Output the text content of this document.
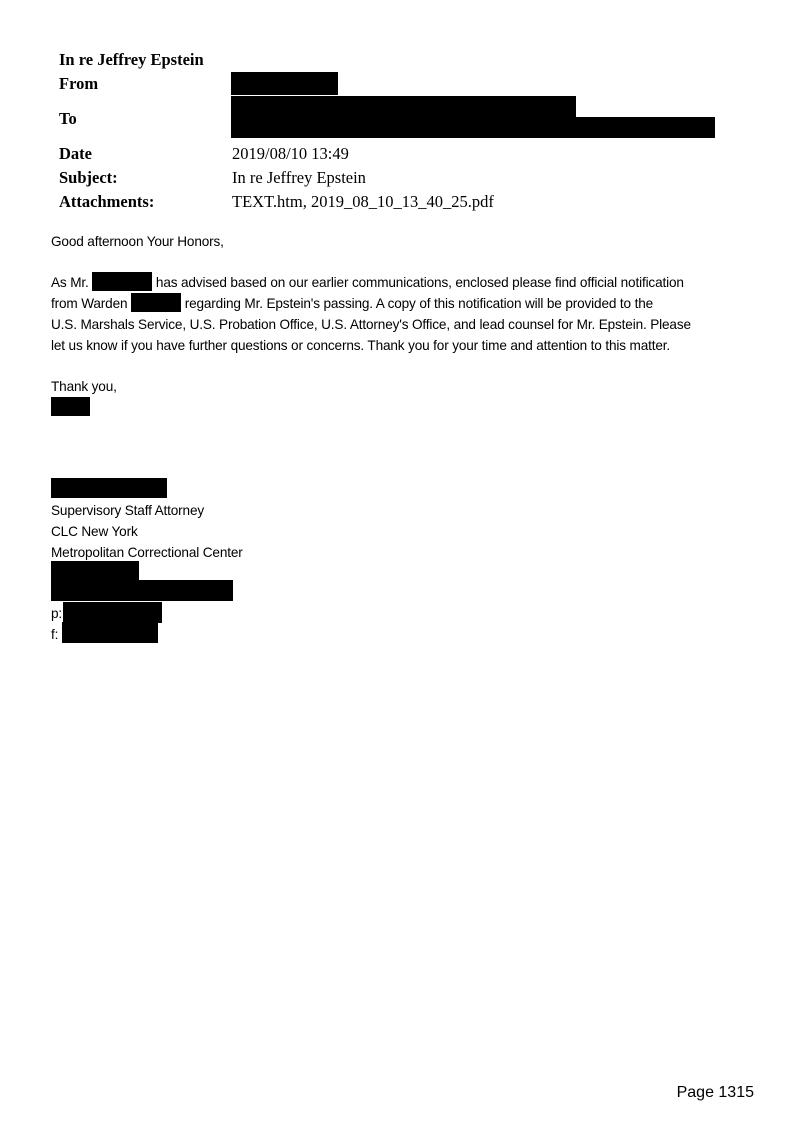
In re Jeffrey Epstein
From
To
Date	2019/08/10 13:49
Subject:	In re Jeffrey Epstein
Attachments:	TEXT.htm, 2019_08_10_13_40_25.pdf
Good afternoon Your Honors,
As Mr.	has advised based on our earlier communications, enclosed please find official notification
from Warden	regarding Mr. Epstein's passing. A copy of this notification will be provided to the
U.S. Marshals Service, U.S. Probation Office, U.S. Attorney's Office, and lead counsel for Mr. Epstein. Please
let us know if you have further questions or concerns. Thank you for your time and attention to this matter.
Thank you,
Supervisory Staff Attorney
CLC New York
Metropolitan Correctional Center
p:
f:
Page 1315
